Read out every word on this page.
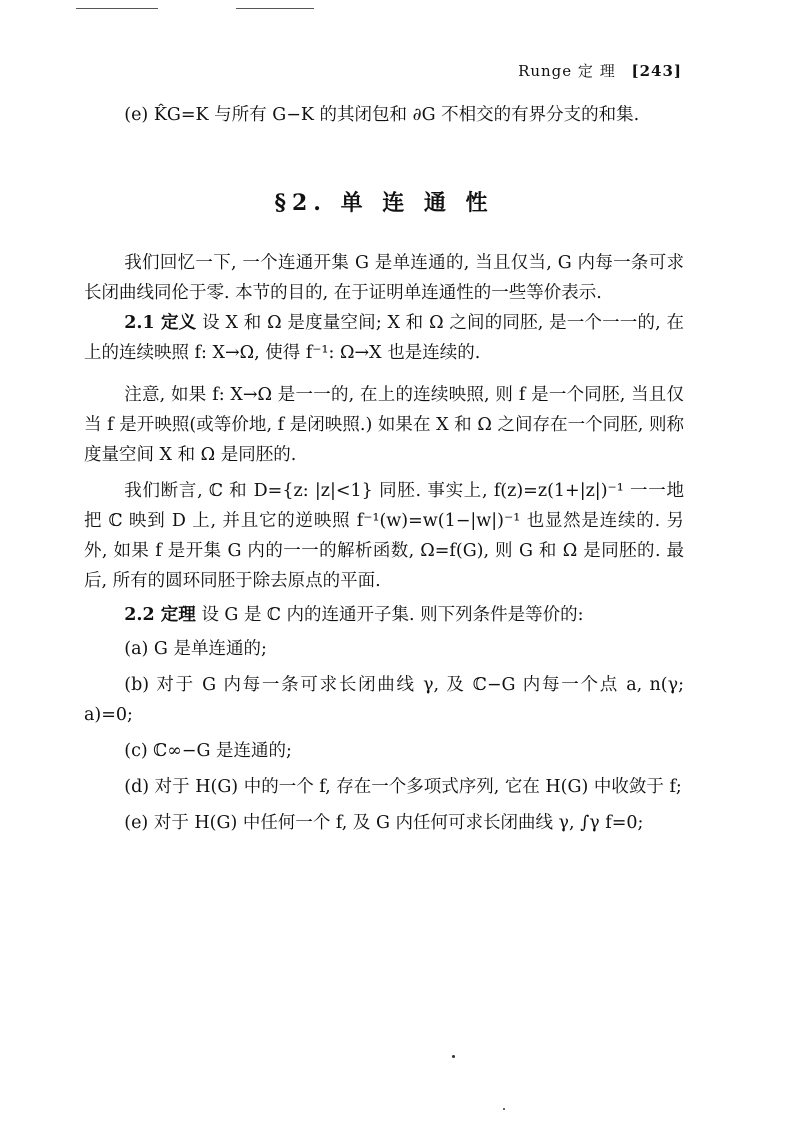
Runge 定 理 [243]

(e) K̂G=K 与所有 G−K 的其闭包和 ∂G 不相交的有界分支的和集.

§2. 单 连 通 性

我们回忆一下, 一个连通开集 G 是单连通的, 当且仅当, G 内每一条可求长闭曲线同伦于零. 本节的目的, 在于证明单连通性的一些等价表示.

2.1 定义 设 X 和 Ω 是度量空间; X 和 Ω 之间的同胚, 是一个一一的, 在上的连续映照 f: X→Ω, 使得 f⁻¹: Ω→X 也是连续的.

注意, 如果 f: X→Ω 是一一的, 在上的连续映照, 则 f 是一个同胚, 当且仅当 f 是开映照(或等价地, f 是闭映照.) 如果在 X 和 Ω 之间存在一个同胚, 则称度量空间 X 和 Ω 是同胚的.

我们断言, ℂ 和 D={z: |z|<1} 同胚. 事实上, f(z)=z(1+|z|)⁻¹ 一一地把 ℂ 映到 D 上, 并且它的逆映照 f⁻¹(w)=w(1−|w|)⁻¹ 也显然是连续的. 另外, 如果 f 是开集 G 内的一一的解析函数, Ω=f(G), 则 G 和 Ω 是同胚的. 最后, 所有的圆环同胚于除去原点的平面.

2.2 定理 设 G 是 ℂ 内的连通开子集. 则下列条件是等价的:

(a) G 是单连通的;

(b) 对于 G 内每一条可求长闭曲线 γ, 及 ℂ−G 内每一个点 a, n(γ; a)=0;

(c) ℂ∞−G 是连通的;

(d) 对于 H(G) 中的一个 f, 存在一个多项式序列, 它在 H(G) 中收敛于 f;

(e) 对于 H(G) 中任何一个 f, 及 G 内任何可求长闭曲线 γ, ∫γ f=0;
